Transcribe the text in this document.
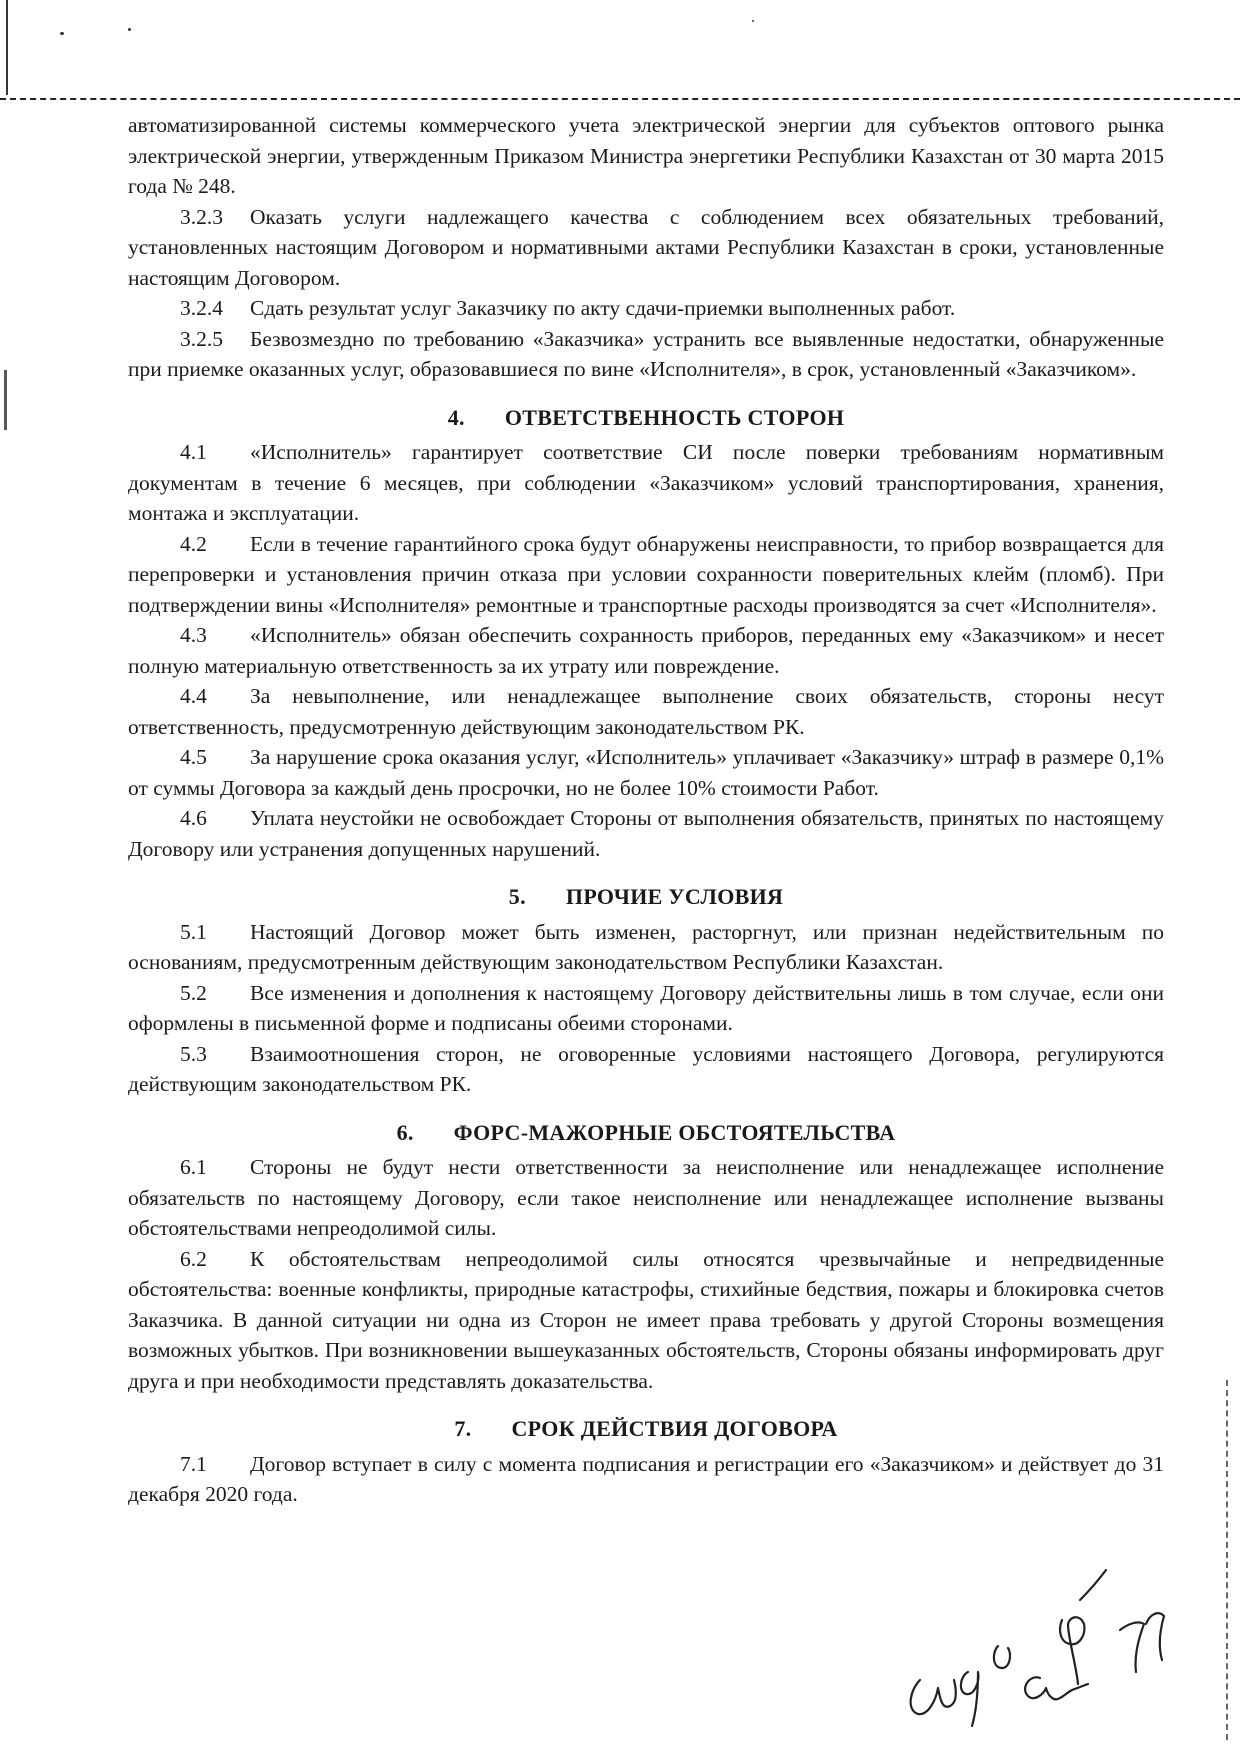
автоматизированной системы коммерческого учета электрической энергии для субъектов оптового рынка электрической энергии, утвержденным Приказом Министра энергетики Республики Казахстан от 30 марта 2015 года № 248.

3.2.3 Оказать услуги надлежащего качества с соблюдением всех обязательных требований, установленных настоящим Договором и нормативными актами Республики Казахстан в сроки, установленные настоящим Договором.

3.2.4 Сдать результат услуг Заказчику по акту сдачи-приемки выполненных работ.

3.2.5 Безвозмездно по требованию «Заказчика» устранить все выявленные недостатки, обнаруженные при приемке оказанных услуг, образовавшиеся по вине «Исполнителя», в срок, установленный «Заказчиком».

4. ОТВЕТСТВЕННОСТЬ СТОРОН

4.1 «Исполнитель» гарантирует соответствие СИ после поверки требованиям нормативным документам в течение 6 месяцев, при соблюдении «Заказчиком» условий транспортирования, хранения, монтажа и эксплуатации.

4.2 Если в течение гарантийного срока будут обнаружены неисправности, то прибор возвращается для перепроверки и установления причин отказа при условии сохранности поверительных клейм (пломб). При подтверждении вины «Исполнителя» ремонтные и транспортные расходы производятся за счет «Исполнителя».

4.3 «Исполнитель» обязан обеспечить сохранность приборов, переданных ему «Заказчиком» и несет полную материальную ответственность за их утрату или повреждение.

4.4 За невыполнение, или ненадлежащее выполнение своих обязательств, стороны несут ответственность, предусмотренную действующим законодательством РК.

4.5 За нарушение срока оказания услуг, «Исполнитель» уплачивает «Заказчику» штраф в размере 0,1% от суммы Договора за каждый день просрочки, но не более 10% стоимости Работ.

4.6 Уплата неустойки не освобождает Стороны от выполнения обязательств, принятых по настоящему Договору или устранения допущенных нарушений.

5. ПРОЧИЕ УСЛОВИЯ

5.1 Настоящий Договор может быть изменен, расторгнут, или признан недействительным по основаниям, предусмотренным действующим законодательством Республики Казахстан.

5.2 Все изменения и дополнения к настоящему Договору действительны лишь в том случае, если они оформлены в письменной форме и подписаны обеими сторонами.

5.3 Взаимоотношения сторон, не оговоренные условиями настоящего Договора, регулируются действующим законодательством РК.

6. ФОРС-МАЖОРНЫЕ ОБСТОЯТЕЛЬСТВА

6.1 Стороны не будут нести ответственности за неисполнение или ненадлежащее исполнение обязательств по настоящему Договору, если такое неисполнение или ненадлежащее исполнение вызваны обстоятельствами непреодолимой силы.

6.2 К обстоятельствам непреодолимой силы относятся чрезвычайные и непредвиденные обстоятельства: военные конфликты, природные катастрофы, стихийные бедствия, пожары и блокировка счетов Заказчика. В данной ситуации ни одна из Сторон не имеет права требовать у другой Стороны возмещения возможных убытков. При возникновении вышеуказанных обстоятельств, Стороны обязаны информировать друг друга и при необходимости представлять доказательства.

7. СРОК ДЕЙСТВИЯ ДОГОВОРА

7.1 Договор вступает в силу с момента подписания и регистрации его «Заказчиком» и действует до 31 декабря 2020 года.
